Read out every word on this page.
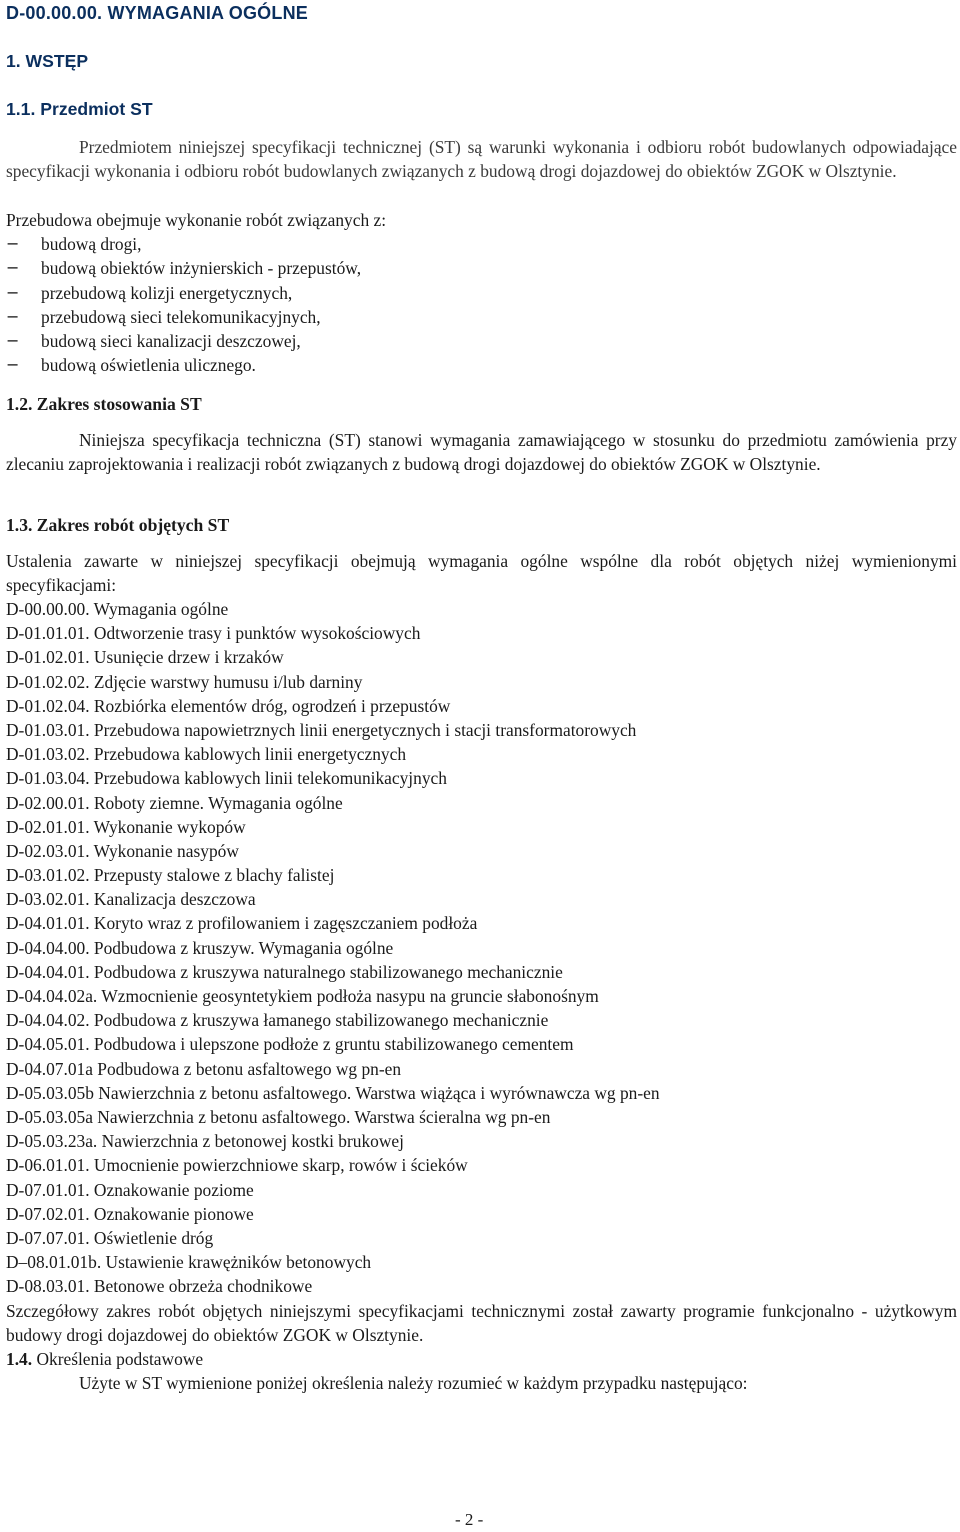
D-00.00.00. WYMAGANIA OGÓLNE
1. WSTĘP
1.1. Przedmiot ST
Przedmiotem niniejszej specyfikacji technicznej (ST) są warunki wykonania i odbioru robót budowlanych odpowiadające specyfikacji wykonania i odbioru robót budowlanych związanych z budową drogi dojazdowej do obiektów ZGOK w Olsztynie.
Przebudowa obejmuje wykonanie robót związanych z:
− budową drogi,
− budową obiektów inżynierskich - przepustów,
− przebudową kolizji energetycznych,
− przebudową sieci telekomunikacyjnych,
− budową sieci kanalizacji deszczowej,
− budową oświetlenia ulicznego.
1.2. Zakres stosowania ST
Niniejsza specyfikacja techniczna (ST) stanowi wymagania zamawiającego w stosunku do przedmiotu zamówienia przy zlecaniu zaprojektowania i realizacji robót związanych z budową drogi dojazdowej do obiektów ZGOK w Olsztynie.
1.3. Zakres robót objętych ST
Ustalenia zawarte w niniejszej specyfikacji obejmują wymagania ogólne wspólne dla robót objętych niżej wymienionymi specyfikacjami:
D-00.00.00. Wymagania ogólne
D-01.01.01. Odtworzenie trasy i punktów wysokościowych
D-01.02.01. Usunięcie drzew i krzaków
D-01.02.02. Zdjęcie warstwy humusu i/lub darniny
D-01.02.04. Rozbiórka elementów dróg, ogrodzeń i przepustów
D-01.03.01. Przebudowa napowietrznych linii energetycznych i stacji transformatorowych
D-01.03.02. Przebudowa kablowych linii energetycznych
D-01.03.04. Przebudowa kablowych linii telekomunikacyjnych
D-02.00.01. Roboty ziemne. Wymagania ogólne
D-02.01.01. Wykonanie wykopów
D-02.03.01. Wykonanie nasypów
D-03.01.02. Przepusty stalowe z blachy falistej
D-03.02.01. Kanalizacja deszczowa
D-04.01.01. Koryto wraz z profilowaniem i zagęszczaniem podłoża
D-04.04.00. Podbudowa z kruszyw. Wymagania ogólne
D-04.04.01. Podbudowa z kruszywa naturalnego stabilizowanego mechanicznie
D-04.04.02a. Wzmocnienie geosyntetykiem podłoża nasypu na gruncie słabonośnym
D-04.04.02. Podbudowa z kruszywa łamanego stabilizowanego mechanicznie
D-04.05.01. Podbudowa i ulepszone podłoże z gruntu stabilizowanego cementem
D-04.07.01a Podbudowa z betonu asfaltowego wg pn-en
D-05.03.05b Nawierzchnia z betonu asfaltowego. Warstwa wiążąca i wyrównawcza wg pn-en
D-05.03.05a Nawierzchnia z betonu asfaltowego. Warstwa ścieralna wg pn-en
D-05.03.23a. Nawierzchnia z betonowej kostki brukowej
D-06.01.01. Umocnienie powierzchniowe skarp, rowów i ścieków
D-07.01.01. Oznakowanie poziome
D-07.02.01. Oznakowanie pionowe
D-07.07.01. Oświetlenie dróg
D–08.01.01b. Ustawienie krawężników betonowych
D-08.03.01. Betonowe obrzeża chodnikowe
Szczegółowy zakres robót objętych niniejszymi specyfikacjami technicznymi został zawarty programie funkcjonalno - użytkowym budowy drogi dojazdowej do obiektów ZGOK w Olsztynie.
1.4. Określenia podstawowe
Użyte w ST wymienione poniżej określenia należy rozumieć w każdym przypadku następująco:
- 2 -
